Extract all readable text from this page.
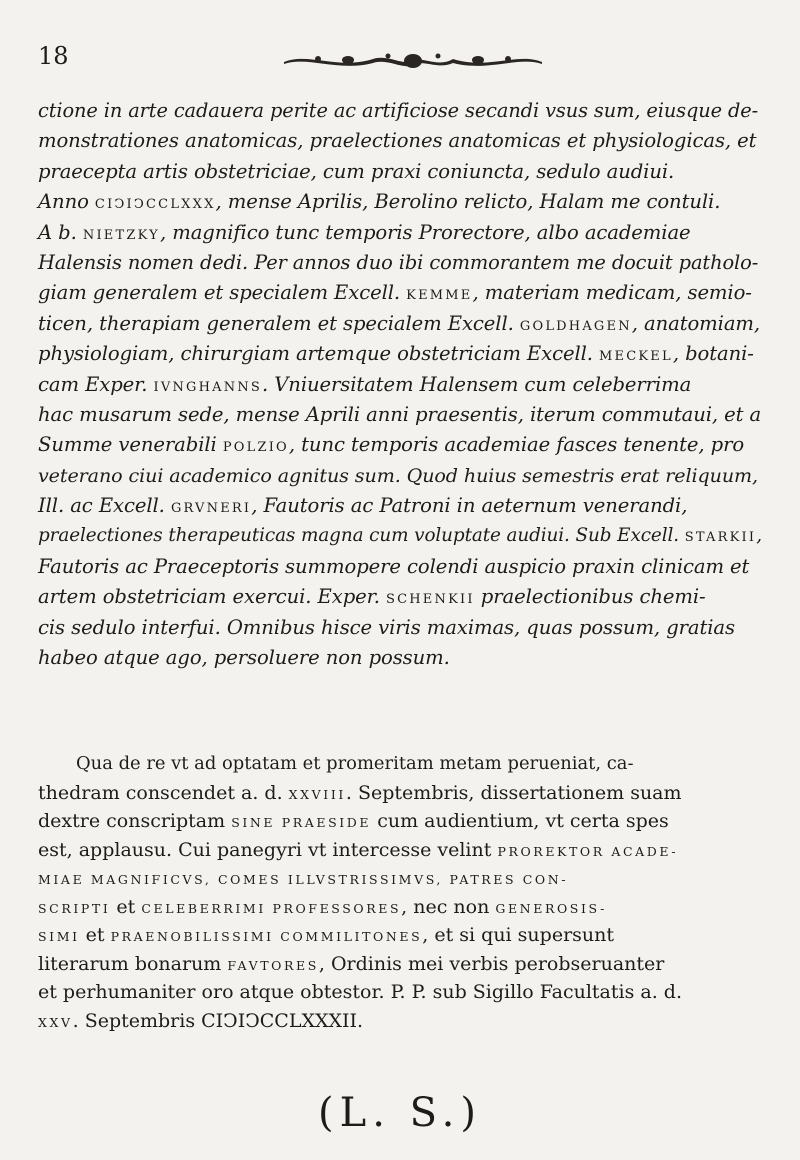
18
ctione in arte cadauera perite ac artificiose secandi vsus sum, eiusque de-
monstrationes anatomicas, praelectiones anatomicas et physiologicas, et
praecepta artis obstetriciae, cum praxi coniuncta, sedulo audiui.
Anno CIↃIↃCCLXXX, mense Aprilis, Berolino relicto, Halam me contuli.
A b. NIETZKY, magnifico tunc temporis Prorectore, albo academiae
Halensis nomen dedi. Per annos duo ibi commorantem me docuit patholo-
giam generalem et specialem Excell. KEMME, materiam medicam, semio-
ticen, therapiam generalem et specialem Excell. GOLDHAGEN, anatomiam,
physiologiam, chirurgiam artemque obstetriciam Excell. MECKEL, botani-
cam Exper. IVNGHANNS. Vniuersitatem Halensem cum celeberrima
hac musarum sede, mense Aprili anni praesentis, iterum commutaui, et a
Summe venerabili POLZIO, tunc temporis academiae fasces tenente, pro
veterano ciui academico agnitus sum. Quod huius semestris erat reliquum,
Ill. ac Excell. GRVNERI, Fautoris ac Patroni in aeternum venerandi,
praelectiones therapeuticas magna cum voluptate audiui. Sub Excell. STARKII,
Fautoris ac Praeceptoris summopere colendi auspicio praxin clinicam et
artem obstetriciam exercui. Exper. SCHENKII praelectionibus chemi-
cis sedulo interfui. Omnibus hisce viris maximas, quas possum, gratias
habeo atque ago, persoluere non possum.
Qua de re vt ad optatam et promeritam metam perueniat, ca-
thedram conscendet a. d. XXVIII. Septembris, dissertationem suam
dextre conscriptam SINE PRAESIDE cum audientium, vt certa spes
est, applausu. Cui panegyri vt intercesse velint PROREKTOR ACADE-
MIAE MAGNIFICVS, COMES ILLVSTRISSIMVS, PATRES CON-
SCRIPTI et CELEBERRIMI PROFESSORES, nec non GENEROSIS-
SIMI et PRAENOBILISSIMI COMMILITONES, et si qui supersunt
literarum bonarum FAVTORES, Ordinis mei verbis perobseruanter
et perhumaniter oro atque obtestor. P. P. sub Sigillo Facultatis a. d.
XXV. Septembris CIↃIↃCCLXXXII.
(L. S.)
